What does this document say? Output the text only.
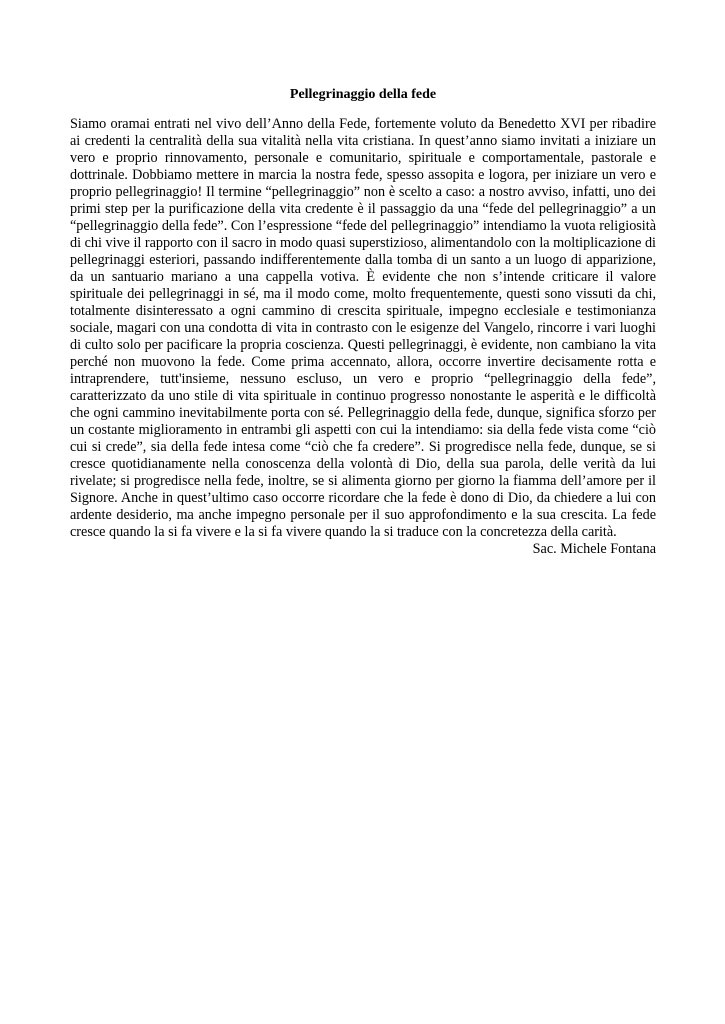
Pellegrinaggio della fede

Siamo oramai entrati nel vivo dell’Anno della Fede, fortemente voluto da Benedetto XVI per ribadire ai credenti la centralità della sua vitalità nella vita cristiana. In quest’anno siamo invitati a iniziare un vero e proprio rinnovamento, personale e comunitario, spirituale e comportamentale, pastorale e dottrinale. Dobbiamo mettere in marcia la nostra fede, spesso assopita e logora, per iniziare un vero e proprio pellegrinaggio! Il termine “pellegrinaggio” non è scelto a caso: a nostro avviso, infatti, uno dei primi step per la purificazione della vita credente è il passaggio da una “fede del pellegrinaggio” a un “pellegrinaggio della fede”. Con l’espressione “fede del pellegrinaggio” intendiamo la vuota religiosità di chi vive il rapporto con il sacro in modo quasi superstizioso, alimentandolo con la moltiplicazione di pellegrinaggi esteriori, passando indifferentemente dalla tomba di un santo a un luogo di apparizione, da un santuario mariano a una cappella votiva. È evidente che non s’intende criticare il valore spirituale dei pellegrinaggi in sé, ma il modo come, molto frequentemente, questi sono vissuti da chi, totalmente disinteressato a ogni cammino di crescita spirituale, impegno ecclesiale e testimonianza sociale, magari con una condotta di vita in contrasto con le esigenze del Vangelo, rincorre i vari luoghi di culto solo per pacificare la propria coscienza. Questi pellegrinaggi, è evidente, non cambiano la vita perché non muovono la fede. Come prima accennato, allora, occorre invertire decisamente rotta e intraprendere, tutt'insieme, nessuno escluso, un vero e proprio “pellegrinaggio della fede”, caratterizzato da uno stile di vita spirituale in continuo progresso nonostante le asperità e le difficoltà che ogni cammino inevitabilmente porta con sé. Pellegrinaggio della fede, dunque, significa sforzo per un costante miglioramento in entrambi gli aspetti con cui la intendiamo: sia della fede vista come “ciò cui si crede”, sia della fede intesa come “ciò che fa credere”. Si progredisce nella fede, dunque, se si cresce quotidianamente nella conoscenza della volontà di Dio, della sua parola, delle verità da lui rivelate; si progredisce nella fede, inoltre, se si alimenta giorno per giorno la fiamma dell’amore per il Signore. Anche in quest’ultimo caso occorre ricordare che la fede è dono di Dio, da chiedere a lui con ardente desiderio, ma anche impegno personale per il suo approfondimento e la sua crescita. La fede cresce quando la si fa vivere e la si fa vivere quando la si traduce con la concretezza della carità.

Sac. Michele Fontana
